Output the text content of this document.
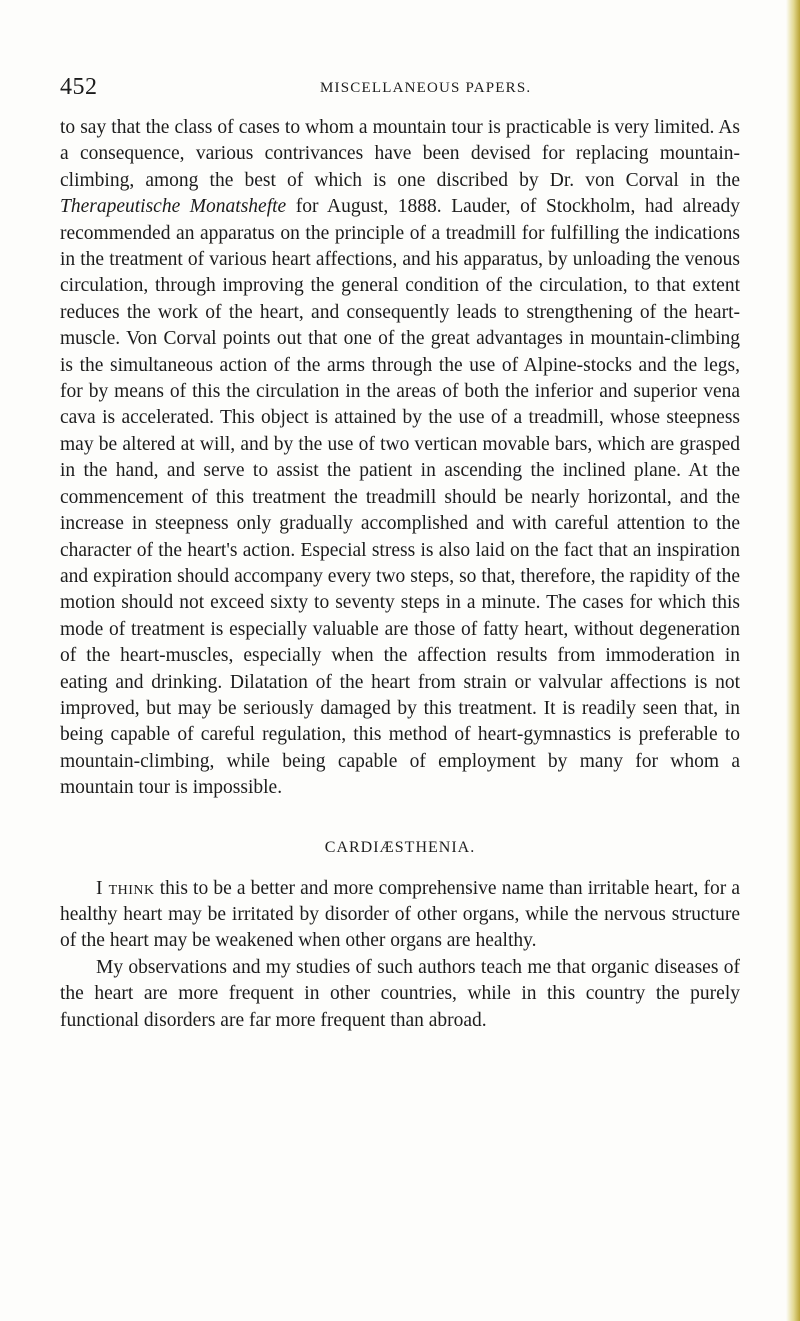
452	MISCELLANEOUS PAPERS.

to say that the class of cases to whom a mountain tour is practicable is very limited. As a consequence, various contrivances have been devised for replacing mountain-climbing, among the best of which is one discribed by Dr. von Corval in the Therapeutische Monatshefte for August, 1888. Lauder, of Stockholm, had already recommended an apparatus on the principle of a treadmill for fulfilling the indications in the treatment of various heart affections, and his apparatus, by unloading the venous circulation, through improving the general condition of the circulation, to that extent reduces the work of the heart, and consequently leads to strengthening of the heart-muscle. Von Corval points out that one of the great advantages in mountain-climbing is the simultaneous action of the arms through the use of Alpine-stocks and the legs, for by means of this the circulation in the areas of both the inferior and superior vena cava is accelerated. This object is attained by the use of a treadmill, whose steepness may be altered at will, and by the use of two vertican movable bars, which are grasped in the hand, and serve to assist the patient in ascending the inclined plane. At the commencement of this treatment the treadmill should be nearly horizontal, and the increase in steepness only gradually accomplished and with careful attention to the character of the heart's action. Especial stress is also laid on the fact that an inspiration and expiration should accompany every two steps, so that, therefore, the rapidity of the motion should not exceed sixty to seventy steps in a minute. The cases for which this mode of treatment is especially valuable are those of fatty heart, without degeneration of the heart-muscles, especially when the affection results from immoderation in eating and drinking. Dilatation of the heart from strain or valvular affections is not improved, but may be seriously damaged by this treatment. It is readily seen that, in being capable of careful regulation, this method of heart-gymnastics is preferable to mountain-climbing, while being capable of employment by many for whom a mountain tour is impossible.

CARDIÆSTHENIA.

I think this to be a better and more comprehensive name than irritable heart, for a healthy heart may be irritated by disorder of other organs, while the nervous structure of the heart may be weakened when other organs are healthy.

My observations and my studies of such authors teach me that organic diseases of the heart are more frequent in other countries, while in this country the purely functional disorders are far more frequent than abroad.
